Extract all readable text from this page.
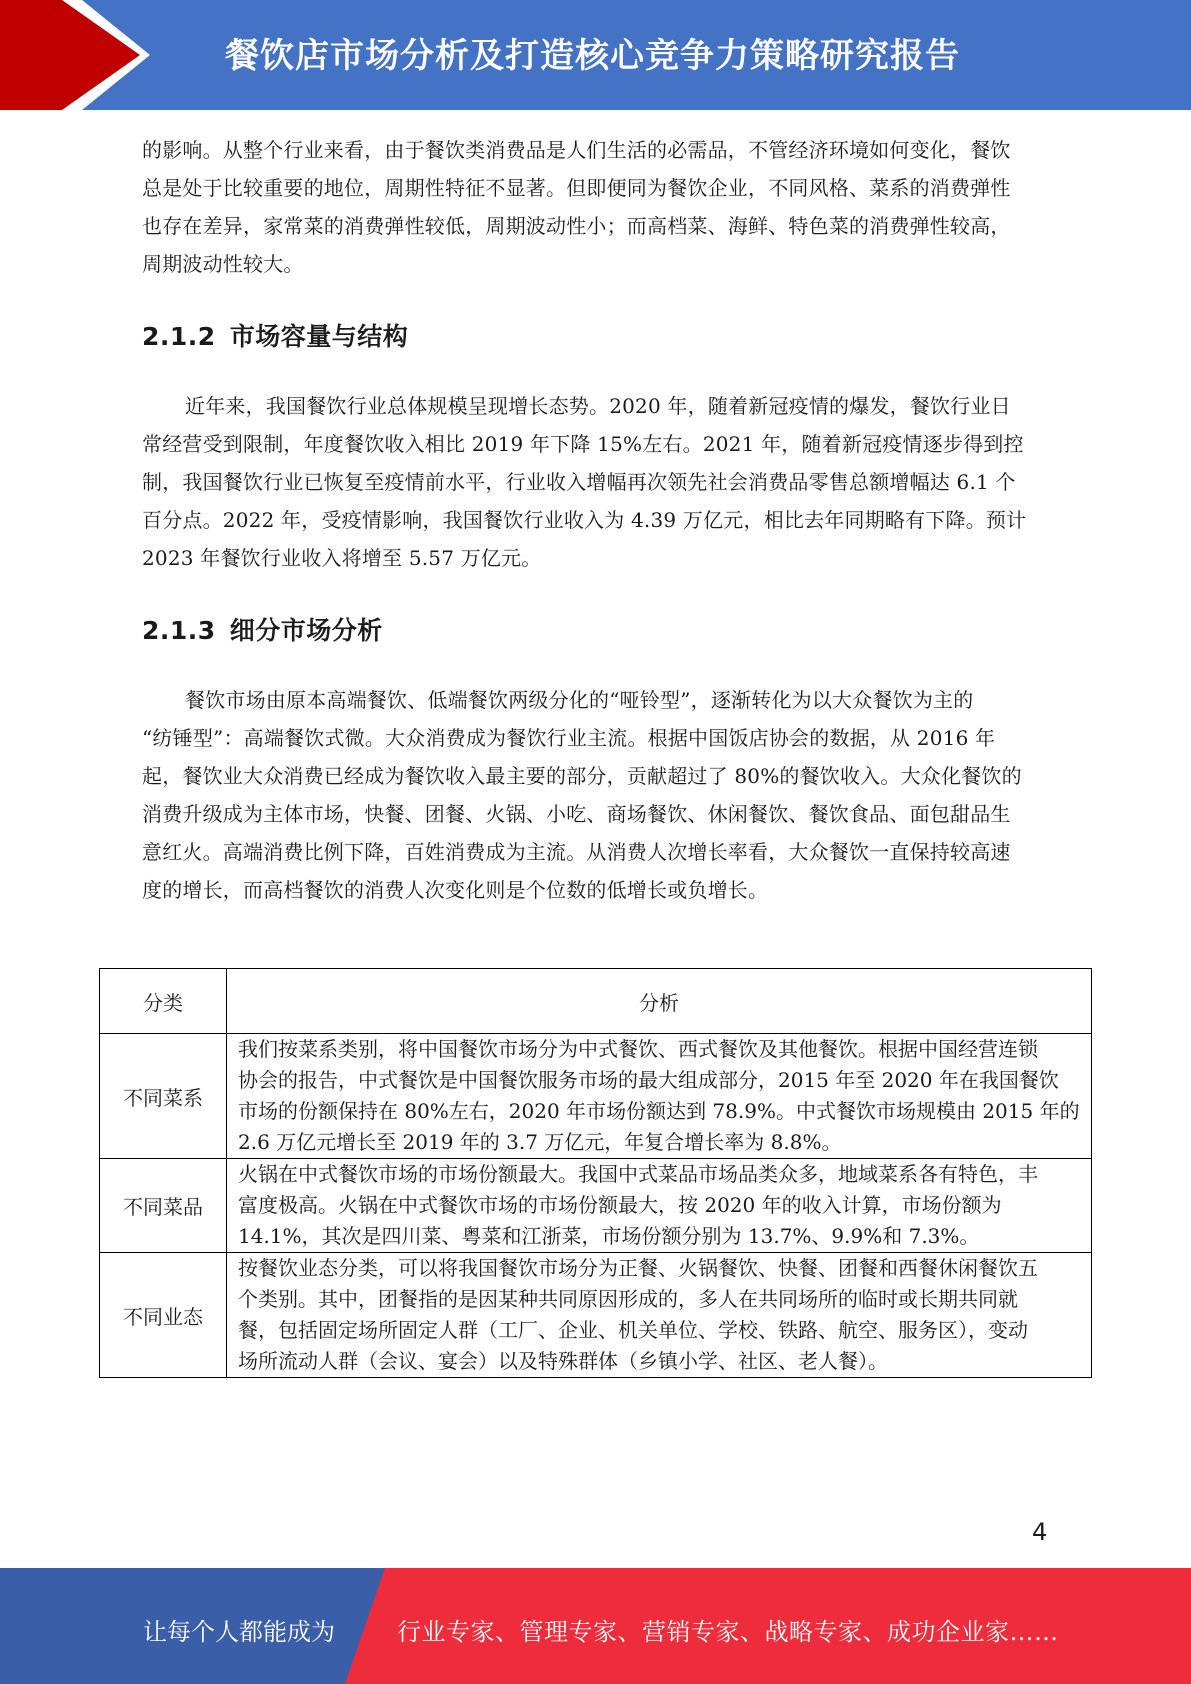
餐饮店市场分析及打造核心竞争力策略研究报告

的影响。从整个行业来看，由于餐饮类消费品是人们生活的必需品，不管经济环境如何变化，餐饮

总是处于比较重要的地位，周期性特征不显著。但即便同为餐饮企业，不同风格、菜系的消费弹性

也存在差异，家常菜的消费弹性较低，周期波动性小；而高档菜、海鲜、特色菜的消费弹性较高，

周期波动性较大。

2.1.2 市场容量与结构

近年来，我国餐饮行业总体规模呈现增长态势。2020 年，随着新冠疫情的爆发，餐饮行业日

常经营受到限制，年度餐饮收入相比 2019 年下降 15%左右。2021 年，随着新冠疫情逐步得到控

制，我国餐饮行业已恢复至疫情前水平，行业收入增幅再次领先社会消费品零售总额增幅达 6.1 个

百分点。2022 年，受疫情影响，我国餐饮行业收入为 4.39 万亿元，相比去年同期略有下降。预计

2023 年餐饮行业收入将增至 5.57 万亿元。

2.1.3 细分市场分析

餐饮市场由原本高端餐饮、低端餐饮两级分化的“哑铃型”，逐渐转化为以大众餐饮为主的

“纺锤型”：高端餐饮式微。大众消费成为餐饮行业主流。根据中国饭店协会的数据，从 2016 年

起，餐饮业大众消费已经成为餐饮收入最主要的部分，贡献超过了 80%的餐饮收入。大众化餐饮的

消费升级成为主体市场，快餐、团餐、火锅、小吃、商场餐饮、休闲餐饮、餐饮食品、面包甜品生

意红火。高端消费比例下降，百姓消费成为主流。从消费人次增长率看，大众餐饮一直保持较高速

度的增长，而高档餐饮的消费人次变化则是个位数的低增长或负增长。

分类	分析
不同菜系	我们按菜系类别，将中国餐饮市场分为中式餐饮、西式餐饮及其他餐饮。根据中国经营连锁
协会的报告，中式餐饮是中国餐饮服务市场的最大组成部分，2015 年至 2020 年在我国餐饮
市场的份额保持在 80%左右，2020 年市场份额达到 78.9%。中式餐饮市场规模由 2015 年的
2.6 万亿元增长至 2019 年的 3.7 万亿元，年复合增长率为 8.8%。

不同菜品	火锅在中式餐饮市场的市场份额最大。我国中式菜品市场品类众多，地域菜系各有特色，丰
富度极高。火锅在中式餐饮市场的市场份额最大，按 2020 年的收入计算，市场份额为
14.1%，其次是四川菜、粤菜和江浙菜，市场份额分别为 13.7%、9.9%和 7.3%。

不同业态	按餐饮业态分类，可以将我国餐饮市场分为正餐、火锅餐饮、快餐、团餐和西餐休闲餐饮五
个类别。其中，团餐指的是因某种共同原因形成的，多人在共同场所的临时或长期共同就
餐，包括固定场所固定人群（工厂、企业、机关单位、学校、铁路、航空、服务区），变动
场所流动人群（会议、宴会）以及特殊群体（乡镇小学、社区、老人餐）。
4
让每个人都能成为	行业专家、管理专家、营销专家、战略专家、成功企业家……
